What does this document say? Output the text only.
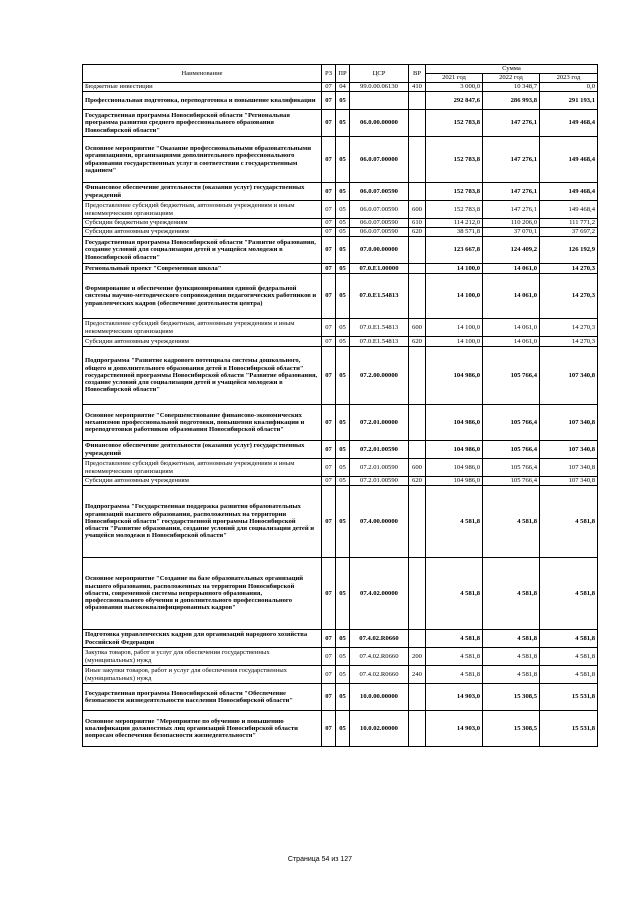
Наименование	РЗ	ПР	ЦСР	ВР	Сумма		
					2021 год	2022 год	2023 год
Бюджетные инвестиции	07	04	99.0.00.06130	410	3 000,0	10 348,7	0,0
Профессиональная подготовка, переподготовка и повышение квалификации	07	05			292 847,6	286 993,8	291 193,1
Государственная программа Новосибирской области "Региональная программа развития среднего профессионального образования Новосибирской области"	07	05	06.0.00.00000		152 783,8	147 276,1	149 468,4
Основное мероприятие "Оказание профессиональными образовательными организациями, организациями дополнительного профессионального образования государственных услуг в соответствии с государственным заданием"	07	05	06.0.07.00000		152 783,8	147 276,1	149 468,4
Финансовое обеспечение деятельности (оказания услуг) государственных учреждений	07	05	06.0.07.00590		152 783,8	147 276,1	149 468,4
Предоставление субсидий бюджетным, автономным учреждениям и иным некоммерческим организациям	07	05	06.0.07.00590	600	152 783,8	147 276,1	149 468,4
Субсидии бюджетным учреждениям	07	05	06.0.07.00590	610	114 212,0	110 206,0	111 771,2
Субсидии автономным учреждениям	07	05	06.0.07.00590	620	38 571,8	37 070,1	37 697,2
Государственная программа Новосибирской области "Развитие образования, создание условий для социализации детей и учащейся молодежи в Новосибирской области"	07	05	07.0.00.00000		123 667,8	124 409,2	126 192,9
Региональный проект "Современная школа"	07	05	07.0.E1.00000		14 100,0	14 061,0	14 270,3
Формирование и обеспечение функционирования единой федеральной системы научно-методического сопровождения педагогических работников и управленческих кадров (обеспечение деятельности центра)	07	05	07.0.E1.54813		14 100,0	14 061,0	14 270,3
Предоставление субсидий бюджетным, автономным учреждениям и иным некоммерческим организациям	07	05	07.0.E1.54813	600	14 100,0	14 061,0	14 270,3
Субсидии автономным учреждениям	07	05	07.0.E1.54813	620	14 100,0	14 061,0	14 270,3
Подпрограмма "Развитие кадрового потенциала системы дошкольного, общего и дополнительного образования детей в Новосибирской области" государственной программы Новосибирской области "Развитие образования, создание условий для социализации детей и учащейся молодежи в Новосибирской области"	07	05	07.2.00.00000		104 986,0	105 766,4	107 340,8
Основное мероприятие "Совершенствование финансово-экономических механизмов профессиональной подготовки, повышения квалификации и переподготовки работников образования Новосибирской области"	07	05	07.2.01.00000		104 986,0	105 766,4	107 340,8
Финансовое обеспечение деятельности (оказания услуг) государственных учреждений	07	05	07.2.01.00590		104 986,0	105 766,4	107 340,8
Предоставление субсидий бюджетным, автономным учреждениям и иным некоммерческим организациям	07	05	07.2.01.00590	600	104 986,0	105 766,4	107 340,8
Субсидии автономным учреждениям	07	05	07.2.01.00590	620	104 986,0	105 766,4	107 340,8
Подпрограмма "Государственная поддержка развития образовательных организаций высшего образования, расположенных на территории Новосибирской области" государственной программы Новосибирской области "Развитие образования, создание условий для социализации детей и учащейся молодежи в Новосибирской области"	07	05	07.4.00.00000		4 581,8	4 581,8	4 581,8
Основное мероприятие "Создание на базе образовательных организаций высшего образования, расположенных на территории Новосибирской области, современной системы непрерывного образования, профессионального обучения и дополнительного профессионального образования высококвалифицированных кадров"	07	05	07.4.02.00000		4 581,8	4 581,8	4 581,8
Подготовка управленческих кадров для организаций народного хозяйства Российской Федерации	07	05	07.4.02.R0660		4 581,8	4 581,8	4 581,8
Закупка товаров, работ и услуг для обеспечения государственных (муниципальных) нужд	07	05	07.4.02.R0660	200	4 581,8	4 581,8	4 581,8
Иные закупки товаров, работ и услуг для обеспечения государственных (муниципальных) нужд	07	05	07.4.02.R0660	240	4 581,8	4 581,8	4 581,8
Государственная программа Новосибирской области "Обеспечение безопасности жизнедеятельности населения Новосибирской области"	07	05	10.0.00.00000		14 903,0	15 308,5	15 531,8
Основное мероприятие "Мероприятие по обучению и повышению квалификации должностных лиц организаций Новосибирской области вопросам обеспечения безопасности жизнедеятельности"	07	05	10.0.02.00000		14 903,0	15 308,5	15 531,8
Страница 54 из 127
